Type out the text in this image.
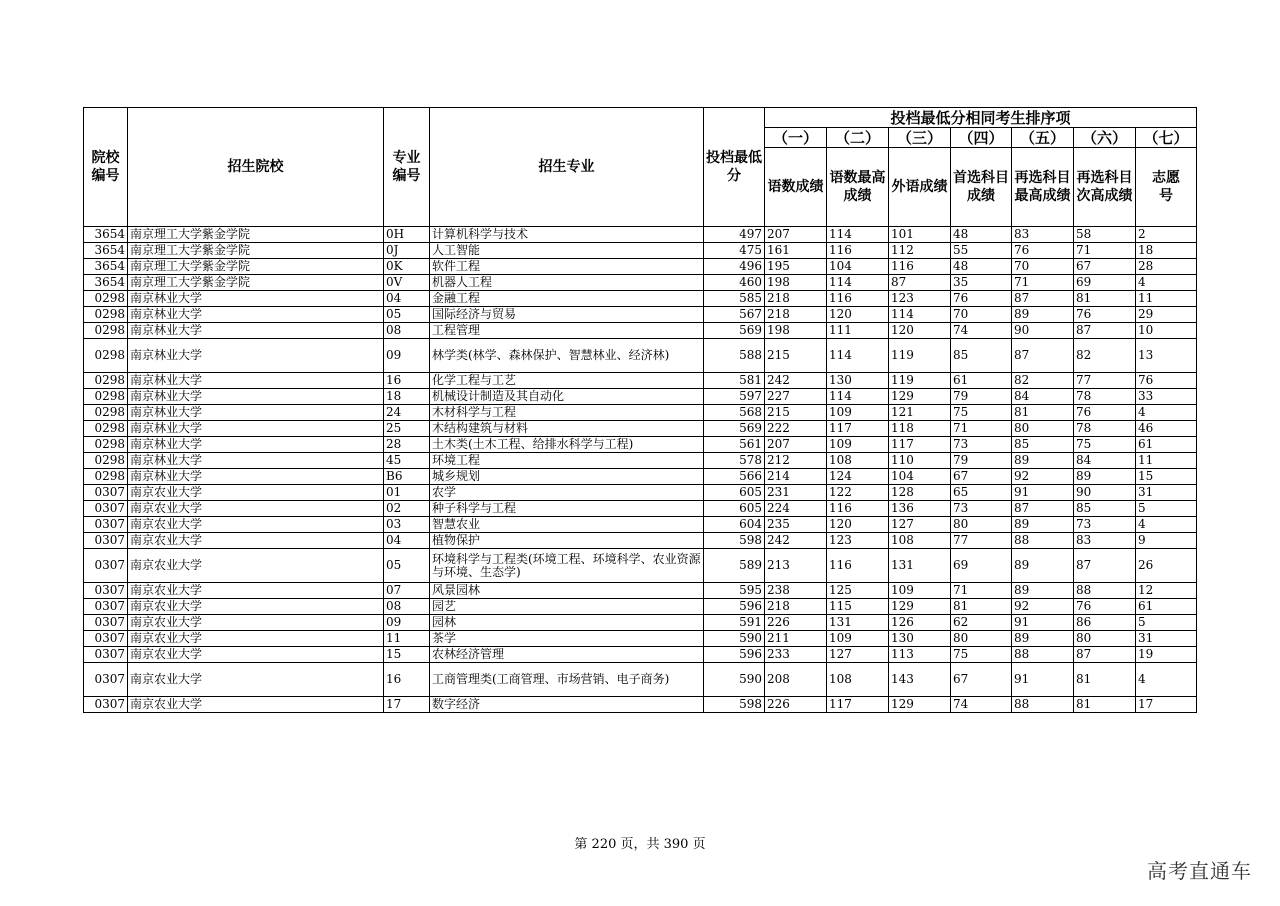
院校编号	招生院校	专业编号	招生专业	投档最低分	投档最低分相同考生排序项						
					（一）	（二）	（三）	（四）	（五）	（六）	（七）
					语数成绩	语数最高成绩	外语成绩	首选科目成绩	再选科目最高成绩	再选科目次高成绩	志愿号
3654	南京理工大学紫金学院	0H	计算机科学与技术	497	207	114	101	48	83	58	2
3654	南京理工大学紫金学院	0J	人工智能	475	161	116	112	55	76	71	18
3654	南京理工大学紫金学院	0K	软件工程	496	195	104	116	48	70	67	28
3654	南京理工大学紫金学院	0V	机器人工程	460	198	114	87	35	71	69	4
0298	南京林业大学	04	金融工程	585	218	116	123	76	87	81	11
0298	南京林业大学	05	国际经济与贸易	567	218	120	114	70	89	76	29
0298	南京林业大学	08	工程管理	569	198	111	120	74	90	87	10
0298	南京林业大学	09	林学类(林学、森林保护、智慧林业、经济林)	588	215	114	119	85	87	82	13
0298	南京林业大学	16	化学工程与工艺	581	242	130	119	61	82	77	76
0298	南京林业大学	18	机械设计制造及其自动化	597	227	114	129	79	84	78	33
0298	南京林业大学	24	木材科学与工程	568	215	109	121	75	81	76	4
0298	南京林业大学	25	木结构建筑与材料	569	222	117	118	71	80	78	46
0298	南京林业大学	28	土木类(土木工程、给排水科学与工程)	561	207	109	117	73	85	75	61
0298	南京林业大学	45	环境工程	578	212	108	110	79	89	84	11
0298	南京林业大学	B6	城乡规划	566	214	124	104	67	92	89	15
0307	南京农业大学	01	农学	605	231	122	128	65	91	90	31
0307	南京农业大学	02	种子科学与工程	605	224	116	136	73	87	85	5
0307	南京农业大学	03	智慧农业	604	235	120	127	80	89	73	4
0307	南京农业大学	04	植物保护	598	242	123	108	77	88	83	9
0307	南京农业大学	05	环境科学与工程类(环境工程、环境科学、农业资源与环境、生态学)	589	213	116	131	69	89	87	26
0307	南京农业大学	07	风景园林	595	238	125	109	71	89	88	12
0307	南京农业大学	08	园艺	596	218	115	129	81	92	76	61
0307	南京农业大学	09	园林	591	226	131	126	62	91	86	5
0307	南京农业大学	11	茶学	590	211	109	130	80	89	80	31
0307	南京农业大学	15	农林经济管理	596	233	127	113	75	88	87	19
0307	南京农业大学	16	工商管理类(工商管理、市场营销、电子商务)	590	208	108	143	67	91	81	4
0307	南京农业大学	17	数字经济	598	226	117	129	74	88	81	17
第 220 页，共 390 页
高考直通车
